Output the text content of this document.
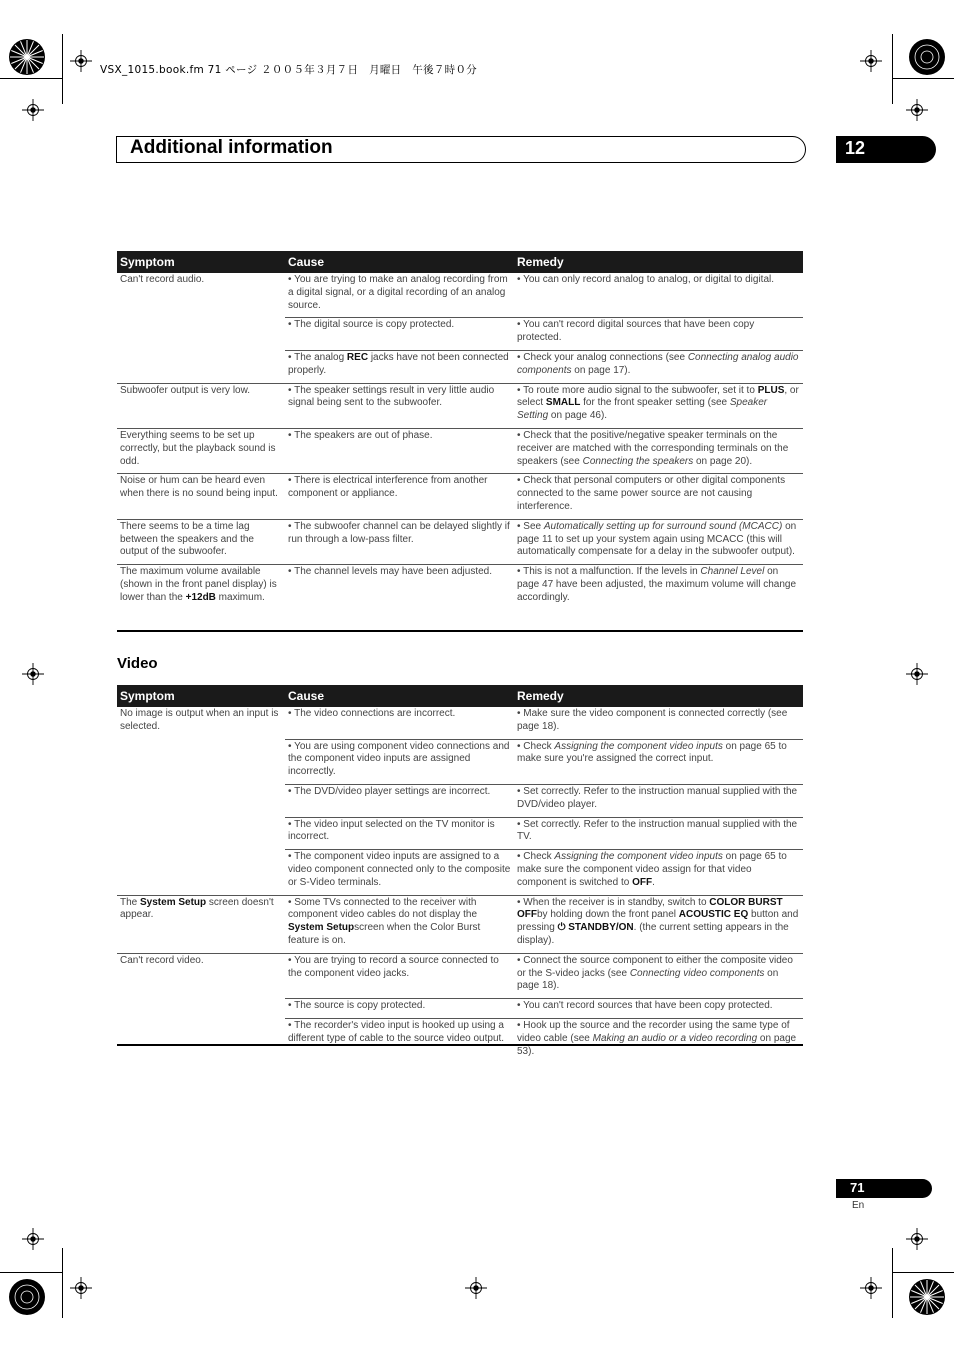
VSX_1015.book.fm 71 ページ ２００５年３月７日　月曜日　午後７時０分
Additional information	12
Symptom	Cause	Remedy
Can't record audio.	• You are trying to make an analog recording from a digital signal, or a digital recording of an analog source.	• You can only record analog to analog, or digital to digital.
	• The digital source is copy protected.	• You can't record digital sources that have been copy protected.
	• The analog REC jacks have not been connected properly.	• Check your analog connections (see Connecting analog audio components on page 17).
Subwoofer output is very low.	• The speaker settings result in very little audio signal being sent to the subwoofer.	• To route more audio signal to the subwoofer, set it to PLUS, or select SMALL for the front speaker setting (see Speaker Setting on page 46).
Everything seems to be set up correctly, but the playback sound is odd.	• The speakers are out of phase.	• Check that the positive/negative speaker terminals on the receiver are matched with the corresponding terminals on the speakers (see Connecting the speakers on page 20).
Noise or hum can be heard even when there is no sound being input.	• There is electrical interference from another component or appliance.	• Check that personal computers or other digital components connected to the same power source are not causing interference.
There seems to be a time lag between the speakers and the output of the subwoofer.	• The subwoofer channel can be delayed slightly if run through a low-pass filter.	• See Automatically setting up for surround sound (MCACC) on page 11 to set up your system again using MCACC (this will automatically compensate for a delay in the subwoofer output).
The maximum volume available (shown in the front panel display) is lower than the +12dB maximum.	• The channel levels may have been adjusted.	• This is not a malfunction. If the levels in Channel Level on page 47 have been adjusted, the maximum volume will change accordingly.
Video
Symptom	Cause	Remedy
No image is output when an input is selected.	• The video connections are incorrect.	• Make sure the video component is connected correctly (see page 18).
	• You are using component video connections and the component video inputs are assigned incorrectly.	• Check Assigning the component video inputs on page 65 to make sure you're assigned the correct input.
	• The DVD/video player settings are incorrect.	• Set correctly. Refer to the instruction manual supplied with the DVD/video player.
	• The video input selected on the TV monitor is incorrect.	• Set correctly. Refer to the instruction manual supplied with the TV.
	• The component video inputs are assigned to a video component connected only to the composite or S-Video terminals.	• Check Assigning the component video inputs on page 65 to make sure the component video assign for that video component is switched to OFF.
The System Setup screen doesn't appear.	• Some TVs connected to the receiver with component video cables do not display the System Setupscreen when the Color Burst feature is on.	• When the receiver is in standby, switch to COLOR BURST OFFby holding down the front panel ACOUSTIC EQ button and pressing ⏻ STANDBY/ON. (the current setting appears in the display).
Can't record video.	• You are trying to record a source connected to the component video jacks.	• Connect the source component to either the composite video or the S-video jacks (see Connecting video components on page 18).
	• The source is copy protected.	• You can't record sources that have been copy protected.
	• The recorder's video input is hooked up using a different type of cable to the source video output.	• Hook up the source and the recorder using the same type of video cable (see Making an audio or a video recording on page 53).
71
En
